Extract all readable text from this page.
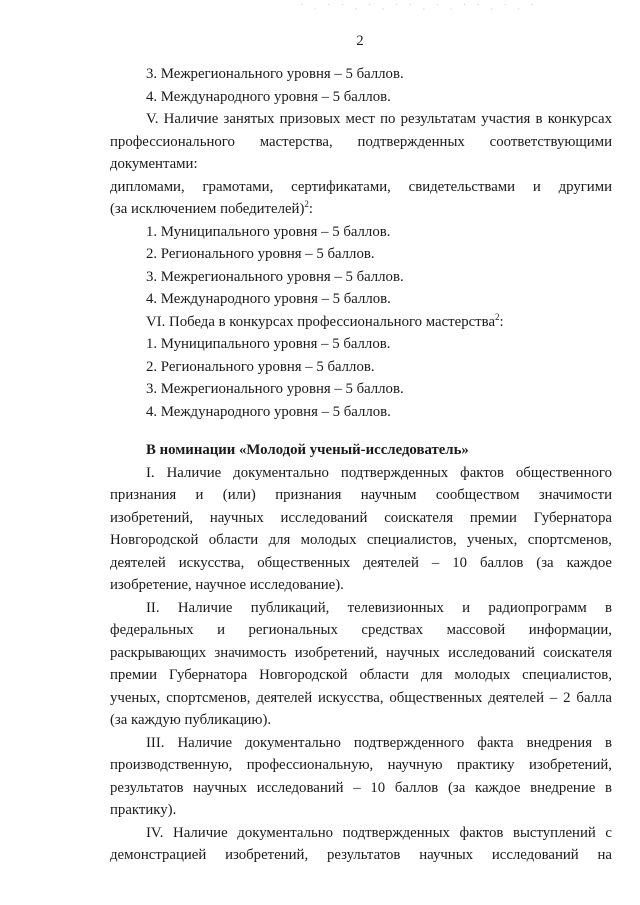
˙ ⸳ ˙ ˙ ⸳ ˙ ⸳ ˙ ˙ ⸳ ˙ ⸳ ˙ ˙ ⸳ ˙ ⸳ ˙
2

3. Межрегионального уровня – 5 баллов.

4. Международного уровня – 5 баллов.

V. Наличие занятых призовых мест по результатам участия в конкурсах
профессионального мастерства, подтвержденных соответствующими документами:
дипломами, грамотами, сертификатами, свидетельствами и другими
(за исключением победителей)$^2$:

1. Муниципального уровня – 5 баллов.

2. Регионального уровня – 5 баллов.

3. Межрегионального уровня – 5 баллов.

4. Международного уровня – 5 баллов.

VI. Победа в конкурсах профессионального мастерства$^2$:

1. Муниципального уровня – 5 баллов.

2. Регионального уровня – 5 баллов.

3. Межрегионального уровня – 5 баллов.

4. Международного уровня – 5 баллов.

В номинации «Молодой ученый-исследователь»

I. Наличие документально подтвержденных фактов общественного
признания и (или) признания научным сообществом значимости
изобретений, научных исследований соискателя премии Губернатора
Новгородской области для молодых специалистов, ученых, спортсменов,
деятелей искусства, общественных деятелей – 10 баллов (за каждое
изобретение, научное исследование).

II. Наличие публикаций, телевизионных и радиопрограмм в
федеральных и региональных средствах массовой информации,
раскрывающих значимость изобретений, научных исследований соискателя
премии Губернатора Новгородской области для молодых специалистов,
ученых, спортсменов, деятелей искусства, общественных деятелей – 2 балла
(за каждую публикацию).

III. Наличие документально подтвержденного факта внедрения в
производственную, профессиональную, научную практику изобретений,
результатов научных исследований – 10 баллов (за каждое внедрение в
практику).

IV. Наличие документально подтвержденных фактов выступлений с
демонстрацией изобретений, результатов научных исследований на
